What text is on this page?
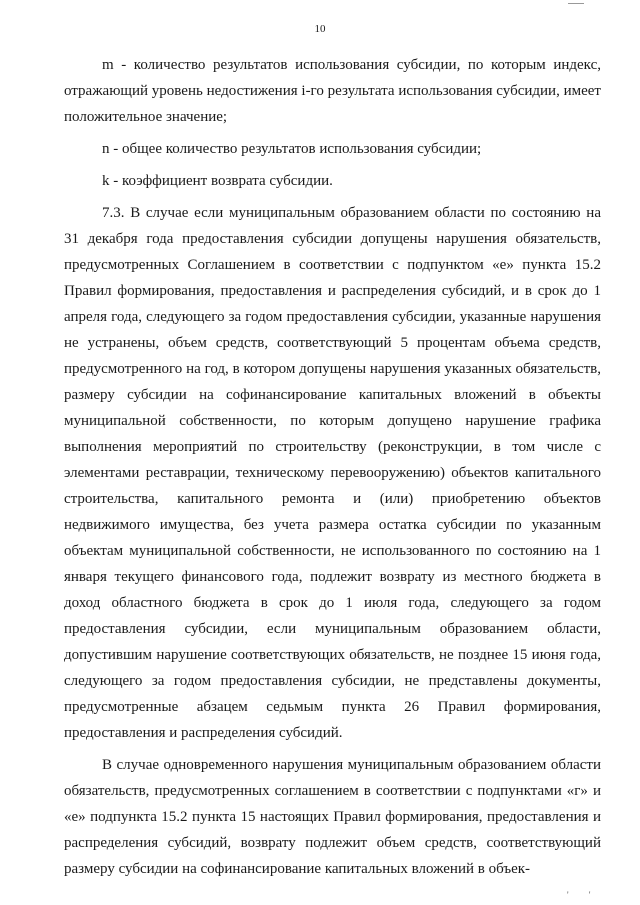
10

m - количество результатов использования субсидии, по которым индекс, отражающий уровень недостижения i-го результата использования субсидии, имеет положительное значение;

n - общее количество результатов использования субсидии;

k - коэффициент возврата субсидии.

7.3. В случае если муниципальным образованием области по состоянию на 31 декабря года предоставления субсидии допущены нарушения обязательств, предусмотренных Соглашением в соответствии с подпунктом «е» пункта 15.2 Правил формирования, предоставления и распределения субсидий, и в срок до 1 апреля года, следующего за годом предоставления субсидии, указанные нарушения не устранены, объем средств, соответствующий 5 процентам объема средств, предусмотренного на год, в котором допущены нарушения указанных обязательств, размеру субсидии на софинансирование капитальных вложений в объекты муниципальной собственности, по которым допущено нарушение графика выполнения мероприятий по строительству (реконструкции, в том числе с элементами реставрации, техническому перевооружению) объектов капитального строительства, капитального ремонта и (или) приобретению объектов недвижимого имущества, без учета размера остатка субсидии по указанным объектам муниципальной собственности, не использованного по состоянию на 1 января текущего финансового года, подлежит возврату из местного бюджета в доход областного бюджета в срок до 1 июля года, следующего за годом предоставления субсидии, если муниципальным образованием области, допустившим нарушение соответствующих обязательств, не позднее 15 июня года, следующего за годом предоставления субсидии, не представлены документы, предусмотренные абзацем седьмым пункта 26 Правил формирования, предоставления и распределения субсидий.

В случае одновременного нарушения муниципальным образованием области обязательств, предусмотренных соглашением в соответствии с подпунктами «г» и «е» подпункта 15.2 пункта 15 настоящих Правил формирования, предоставления и распределения субсидий, возврату подлежит объем средств, соответствующий размеру субсидии на софинансирование капитальных вложений в объек-

' '
